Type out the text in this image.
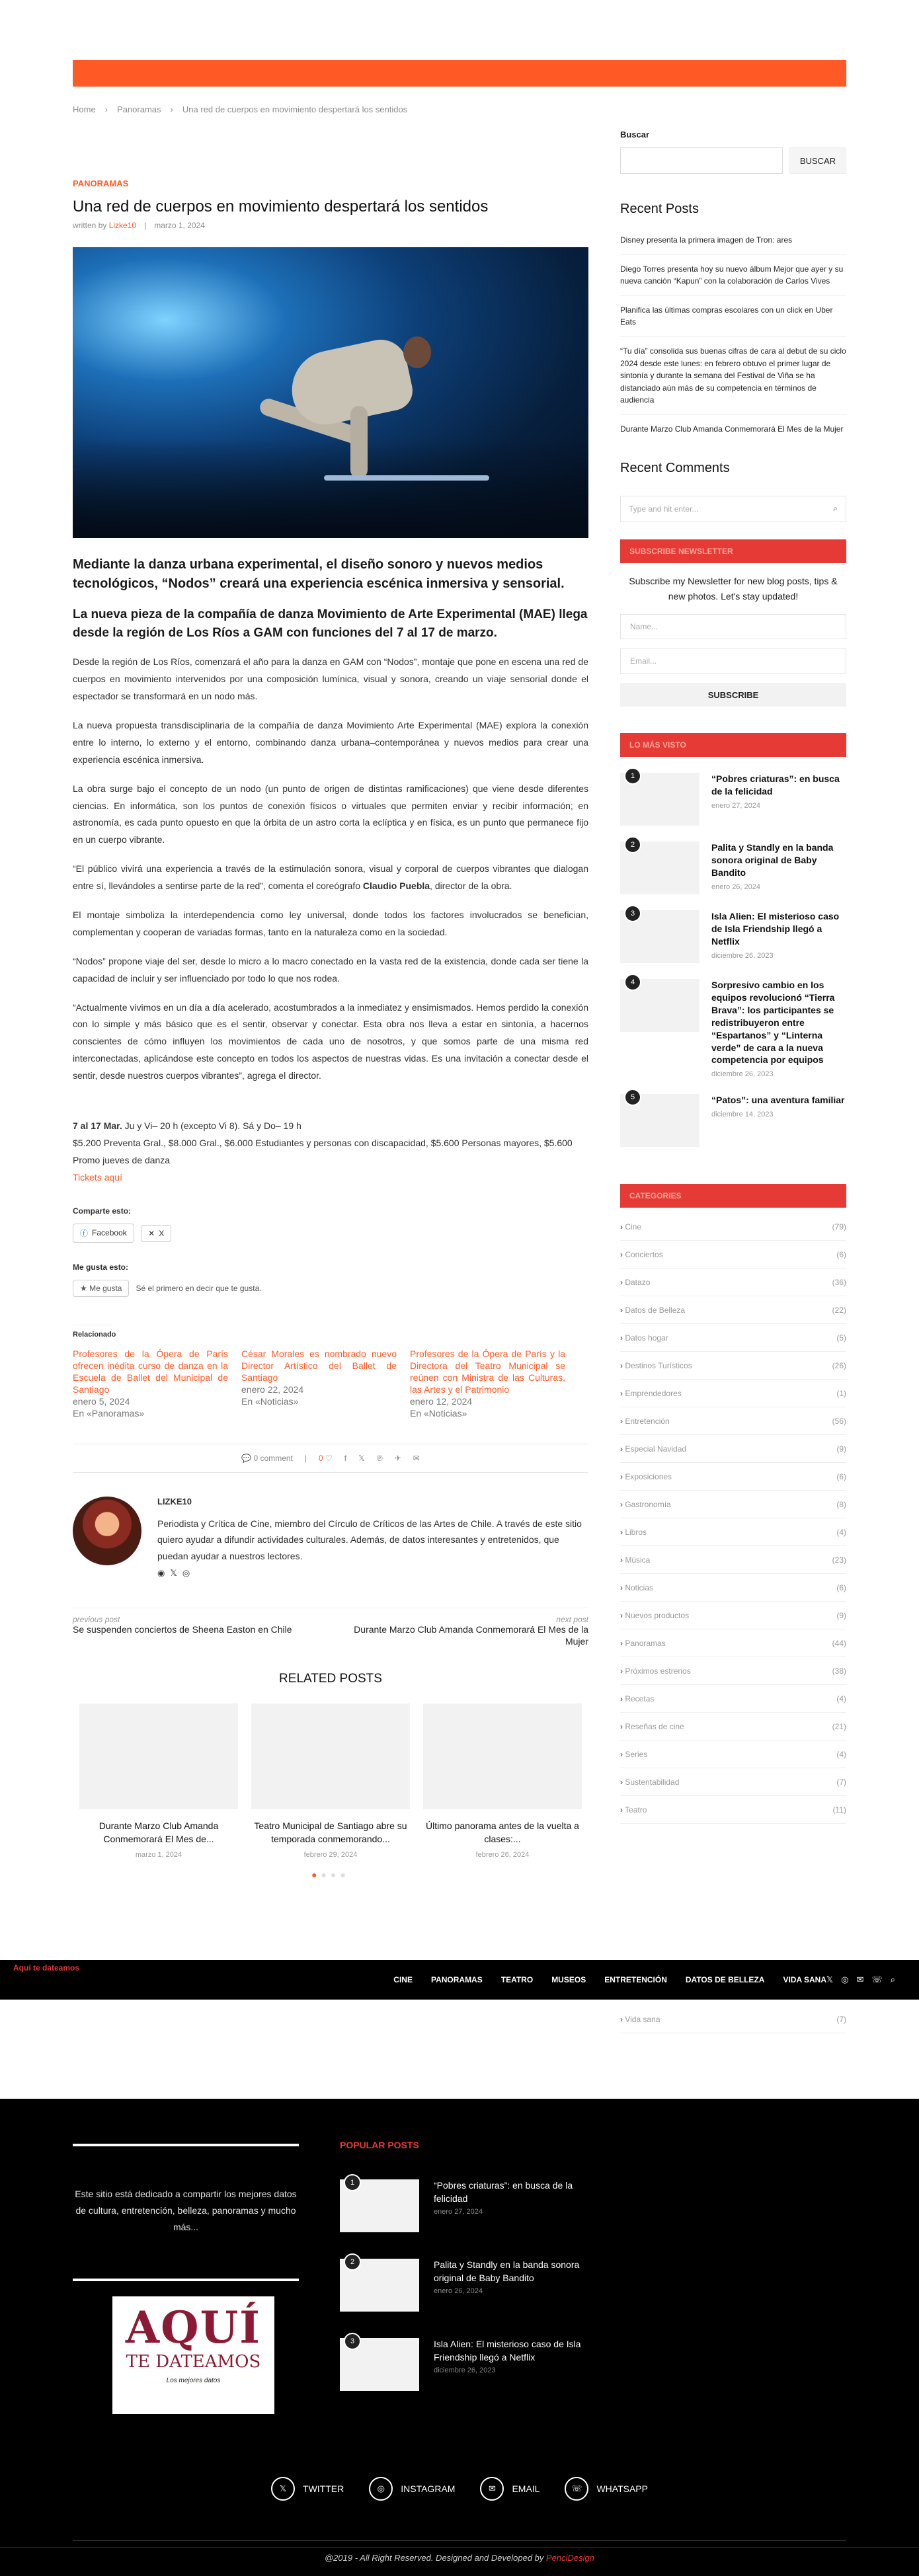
Home › Panoramas › Una red de cuerpos en movimiento despertará los sentidos
PANORAMAS
Una red de cuerpos en movimiento despertará los sentidos
written by Lizke10 | marzo 1, 2024

Mediante la danza urbana experimental, el diseño sonoro y nuevos medios tecnológicos, “Nodos” creará una experiencia escénica inmersiva y sensorial.

La nueva pieza de la compañía de danza Movimiento de Arte Experimental (MAE) llega desde la región de Los Ríos a GAM con funciones del 7 al 17 de marzo.

Desde la región de Los Ríos, comenzará el año para la danza en GAM con “Nodos”, montaje que pone en escena una red de cuerpos en movimiento intervenidos por una composición lumínica, visual y sonora, creando un viaje sensorial donde el espectador se transformará en un nodo más.

La nueva propuesta transdisciplinaria de la compañía de danza Movimiento Arte Experimental (MAE) explora la conexión entre lo interno, lo externo y el entorno, combinando danza urbana–contemporánea y nuevos medios para crear una experiencia escénica inmersiva.

La obra surge bajo el concepto de un nodo (un punto de origen de distintas ramificaciones) que viene desde diferentes ciencias. En informática, son los puntos de conexión físicos o virtuales que permiten enviar y recibir información; en astronomía, es cada punto opuesto en que la órbita de un astro corta la eclíptica y en física, es un punto que permanece fijo en un cuerpo vibrante.

“El público vivirá una experiencia a través de la estimulación sonora, visual y corporal de cuerpos vibrantes que dialogan entre sí, llevándoles a sentirse parte de la red”, comenta el coreógrafo Claudio Puebla, director de la obra.

El montaje simboliza la interdependencia como ley universal, donde todos los factores involucrados se benefician, complementan y cooperan de variadas formas, tanto en la naturaleza como en la sociedad.

“Nodos” propone viaje del ser, desde lo micro a lo macro conectado en la vasta red de la existencia, donde cada ser tiene la capacidad de incluir y ser influenciado por todo lo que nos rodea.

“Actualmente vivimos en un día a día acelerado, acostumbrados a la inmediatez y ensimismados. Hemos perdido la conexión con lo simple y más básico que es el sentir, observar y conectar. Esta obra nos lleva a estar en sintonía, a hacernos conscientes de cómo influyen los movimientos de cada uno de nosotros, y que somos parte de una misma red interconectadas, aplicándose este concepto en todos los aspectos de nuestras vidas. Es una invitación a conectar desde el sentir, desde nuestros cuerpos vibrantes”, agrega el director.

7 al 17 Mar. Ju y Vi– 20 h (excepto Vi 8). Sá y Do– 19 h
$5.200 Preventa Gral., $8.000 Gral., $6.000 Estudiantes y personas con discapacidad, $5.600 Personas mayores, $5.600 Promo jueves de danza
Tickets aquí
Comparte esto:
ⓕ Facebook
	✕ X
Me gusta esto:
★ Me gusta	Sé el primero en decir que te gusta.
Relacionado
Profesores de la Ópera de París ofrecen inédita curso de danza en la Escuela de Ballet del Municipal de Santiago
enero 5, 2024
En «Panoramas»
César Morales es nombrado nuevo Director Artístico del Ballet de Santiago
enero 22, 2024
En «Noticias»
Profesores de la Ópera de París y la Directora del Teatro Municipal se reúnen con Ministra de las Culturas, las Artes y el Patrimonio
enero 12, 2024
En «Noticias»
💬 0 comment | 0 ♡ f 𝕏 ℗ ✈ ✉
LIZKE10
Periodista y Crítica de Cine, miembro del Círculo de Críticos de las Artes de Chile. A través de este sitio quiero ayudar a difundir actividades culturales. Además, de datos interesantes y entretenidos, que puedan ayudar a nuestros lectores.
◉𝕏◎
previous post
Se suspenden conciertos de Sheena Easton en Chile
next post
Durante Marzo Club Amanda Conmemorará El Mes de la Mujer
RELATED POSTS
Durante Marzo Club Amanda Conmemorará El Mes de...
marzo 1, 2024
Teatro Municipal de Santiago abre su temporada conmemorando...
febrero 29, 2024
Último panorama antes de la vuelta a clases:...
febrero 26, 2024
●●●●
Buscar
BUSCAR
Recent Posts
Disney presenta la primera imagen de Tron: ares
Diego Torres presenta hoy su nuevo álbum Mejor que ayer y su nueva canción “Kapun” con la colaboración de Carlos Vives
Planifica las últimas compras escolares con un click en Uber Eats
“Tu día” consolida sus buenas cifras de cara al debut de su ciclo 2024 desde este lunes: en febrero obtuvo el primer lugar de sintonía y durante la semana del Festival de Viña se ha distanciado aún más de su competencia en términos de audiencia
Durante Marzo Club Amanda Conmemorará El Mes de la Mujer
Recent Comments
Type and hit enter...	⌕
SUBSCRIBE NEWSLETTER
Subscribe my Newsletter for new blog posts, tips & new photos. Let's stay updated!
Name...
Email...
SUBSCRIBE
LO MÁS VISTO
1	“Pobres criaturas”: en busca de la felicidad
enero 27, 2024
2	Palita y Standly en la banda sonora original de Baby Bandito
enero 26, 2024
3	Isla Alien: El misterioso caso de Isla Friendship llegó a Netflix
diciembre 26, 2023
4	Sorpresivo cambio en los equipos revolucionó “Tierra Brava”: los participantes se redistribuyeron entre “Espartanos” y “Linterna verde” de cara a la nueva competencia por equipos
diciembre 26, 2023
5	“Patos”: una aventura familiar
diciembre 14, 2023
CATEGORIES
› Cine	(79)
› Conciertos	(6)
› Datazo	(36)
› Datos de Belleza	(22)
› Datos hogar	(5)
› Destinos Turísticos	(26)
› Emprendedores	(1)
› Entretención	(56)
› Especial Navidad	(9)
› Exposiciones	(6)
› Gastronomía	(8)
› Libros	(4)
› Música	(23)
› Noticias	(6)
› Nuevos productos	(9)
› Panoramas	(44)
› Próximos estrenos	(38)
› Recetas	(4)
› Reseñas de cine	(21)
› Series	(4)
› Sustentabilidad	(7)
› Teatro	(11)
Aquí te dateamos
CINE PANORAMAS TEATRO MUSEOS ENTRETENCIÓN DATOS DE BELLEZA VIDA SANA 𝕏 ◎ ✉ ☏ ⌕
› Vida sana	(7)
Este sitio está dedicado a compartir los mejores datos de cultura, entretención, belleza, panoramas y mucho más...
AQUÍ
TE DATEAMOS
Los mejores datos
POPULAR POSTS
1	“Pobres criaturas”: en busca de la felicidad
enero 27, 2024
2	Palita y Standly en la banda sonora original de Baby Bandito
enero 26, 2024
3	Isla Alien: El misterioso caso de Isla Friendship llegó a Netflix
diciembre 26, 2023
𝕏	TWITTER	◎	INSTAGRAM	✉	EMAIL	☏	WHATSAPP
@2019 - All Right Reserved. Designed and Developed by PenciDesign
